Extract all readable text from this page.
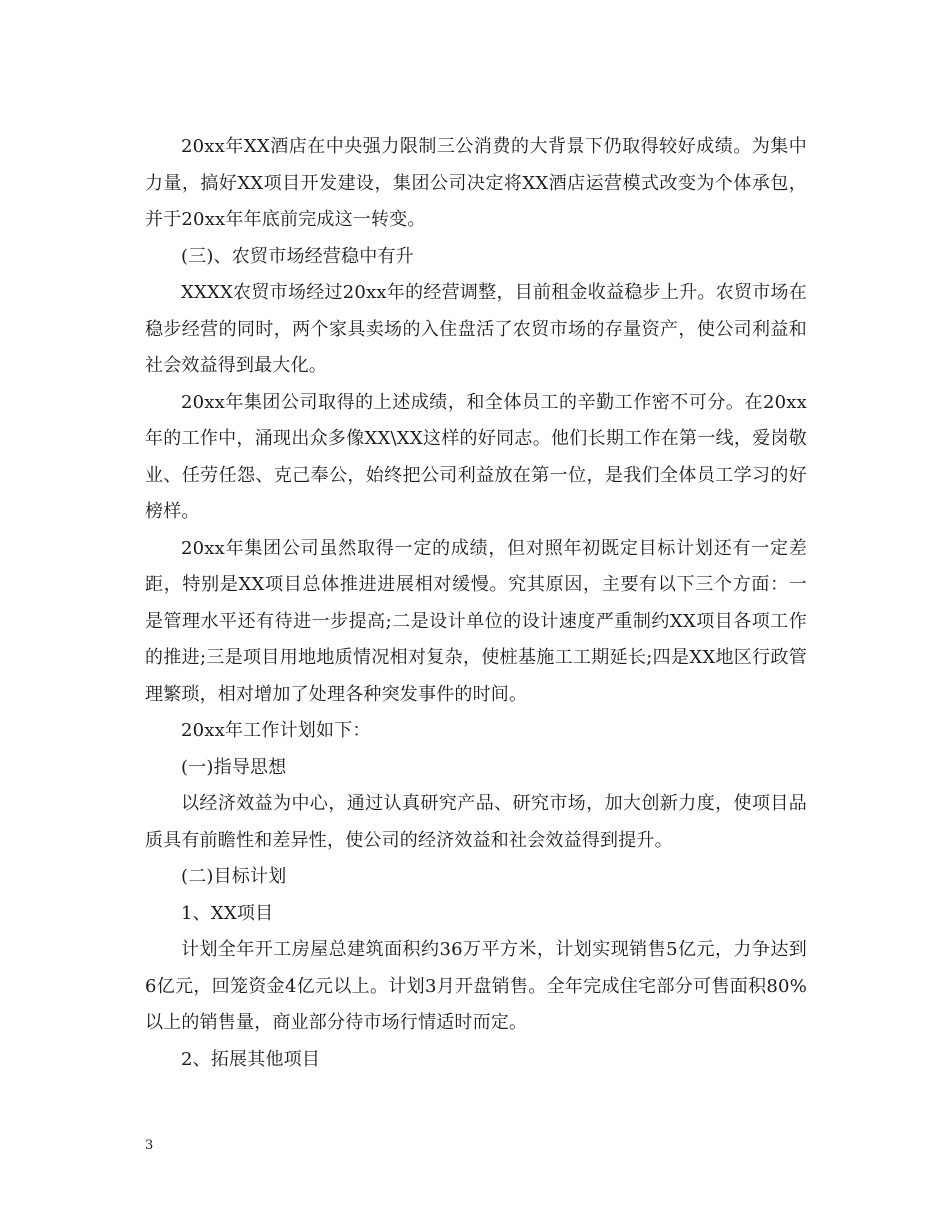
20xx年XX酒店在中央强力限制三公消费的大背景下仍取得较好成绩。为集中力量，搞好XX项目开发建设，集团公司决定将XX酒店运营模式改变为个体承包，并于20xx年年底前完成这一转变。

(三)、农贸市场经营稳中有升

XXXX农贸市场经过20xx年的经营调整，目前租金收益稳步上升。农贸市场在稳步经营的同时，两个家具卖场的入住盘活了农贸市场的存量资产，使公司利益和社会效益得到最大化。

20xx年集团公司取得的上述成绩，和全体员工的辛勤工作密不可分。在20xx年的工作中，涌现出众多像XX\XX这样的好同志。他们长期工作在第一线，爱岗敬业、任劳任怨、克己奉公，始终把公司利益放在第一位，是我们全体员工学习的好榜样。

20xx年集团公司虽然取得一定的成绩，但对照年初既定目标计划还有一定差距，特别是XX项目总体推进进展相对缓慢。究其原因，主要有以下三个方面：一是管理水平还有待进一步提高;二是设计单位的设计速度严重制约XX项目各项工作的推进;三是项目用地地质情况相对复杂，使桩基施工工期延长;四是XX地区行政管理繁琐，相对增加了处理各种突发事件的时间。

20xx年工作计划如下：

(一)指导思想

以经济效益为中心，通过认真研究产品、研究市场，加大创新力度，使项目品质具有前瞻性和差异性，使公司的经济效益和社会效益得到提升。

(二)目标计划

1、XX项目

计划全年开工房屋总建筑面积约36万平方米，计划实现销售5亿元，力争达到6亿元，回笼资金4亿元以上。计划3月开盘销售。全年完成住宅部分可售面积80%以上的销售量，商业部分待市场行情适时而定。

2、拓展其他项目

3
